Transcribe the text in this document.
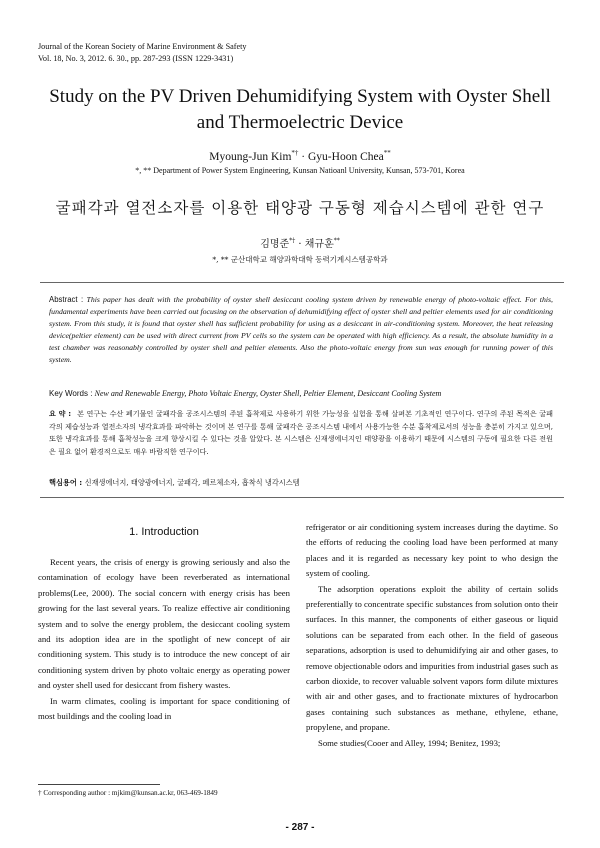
Journal of the Korean Society of Marine Environment & Safety
Vol. 18, No. 3, 2012. 6. 30., pp. 287-293 (ISSN 1229-3431)
Study on the PV Driven Dehumidifying System with Oyster Shell
and Thermoelectric Device
Myoung-Jun Kim*† · Gyu-Hoon Chea**
*, ** Department of Power System Engineering, Kunsan Natioanl University, Kunsan, 573-701, Korea
굴패각과 열전소자를 이용한 태양광 구동형 제습시스템에 관한 연구
김명준*† · 채규훈**
*, ** 군산대학교 해양과학대학 동력기계시스템공학과
Abstract : This paper has dealt with the probability of oyster shell desiccant cooling system driven by renewable energy of photo-voltaic effect. For this, fundamental experiments have been carried out focusing on the observation of dehumidifying effect of oyster shell and peltier elements used for air conditioning system. From this study, it is found that oyster shell has sufficient probability for using as a desiccant in air-conditioning system. Moreover, the heat releasing device(peltier element) can be used with direct current from PV cells so the system can be operated with high efficiency. As a result, the absolute humidity in a test chamber was reasonably controlled by oyster shell and peltier elements. Also the photo-voltaic energy from sun was enough for running power of this system.
Key Words : New and Renewable Energy, Photo Voltaic Energy, Oyster Shell, Peltier Element, Desiccant Cooling System
요 약 : 본 연구는 수산 폐기물인 굴패각을 공조시스템의 주된 흡착제로 사용하기 위한 가능성을 실험을 통해 살펴본 기초적인 연구이다. 연구의 주된 목적은 굴패각의 제습성능과 열전소자의 냉각효과를 파악하는 것이며 본 연구를 통해 굴패각은 공조시스템 내에서 사용가능한 수분 흡착제로서의 성능을 충분히 가지고 있으며, 또한 냉각효과를 통해 흡착성능을 크게 향상시킬 수 있다는 것을 알았다. 본 시스템은 신재생에너지인 태양광을 이용하기 때문에 시스템의 구동에 필요한 다른 전원은 필요 없어 환경적으로도 매우 바람직한 연구이다.
핵심용어 : 신재생에너지, 태양광에너지, 굴패각, 페르체소자, 흡착식 냉각시스템
1. Introduction

Recent years, the crisis of energy is growing seriously and also the contamination of ecology have been reverberated as international problems(Lee, 2000). The social concern with energy crisis has been growing for the last several years. To realize effective air conditioning system and to solve the energy problem, the desiccant cooling system and its adoption idea are in the spotlight of new concept of air conditioning system. This study is to introduce the new concept of air conditioning system driven by photo voltaic energy as operating power and oyster shell used for desiccant from fishery wastes.

In warm climates, cooling is important for space conditioning of most buildings and the cooling load in

refrigerator or air conditioning system increases during the daytime. So the efforts of reducing the cooling load have been performed at many places and it is regarded as necessary key point to who design the system of cooling.

The adsorption operations exploit the ability of certain solids preferentially to concentrate specific substances from solution onto their surfaces. In this manner, the components of either gaseous or liquid solutions can be separated from each other. In the field of gaseous separations, adsorption is used to dehumidifying air and other gases, to remove objectionable odors and impurities from industrial gases such as carbon dioxide, to recover valuable solvent vapors form dilute mixtures with air and other gases, and to fractionate mixtures of hydrocarbon gases containing such substances as methane, ethylene, ethane, propylene, and propane.

Some studies(Cooer and Alley, 1994; Benitez, 1993;

† Corresponding author : mjkim@kunsan.ac.kr, 063-469-1849
- 287 -
